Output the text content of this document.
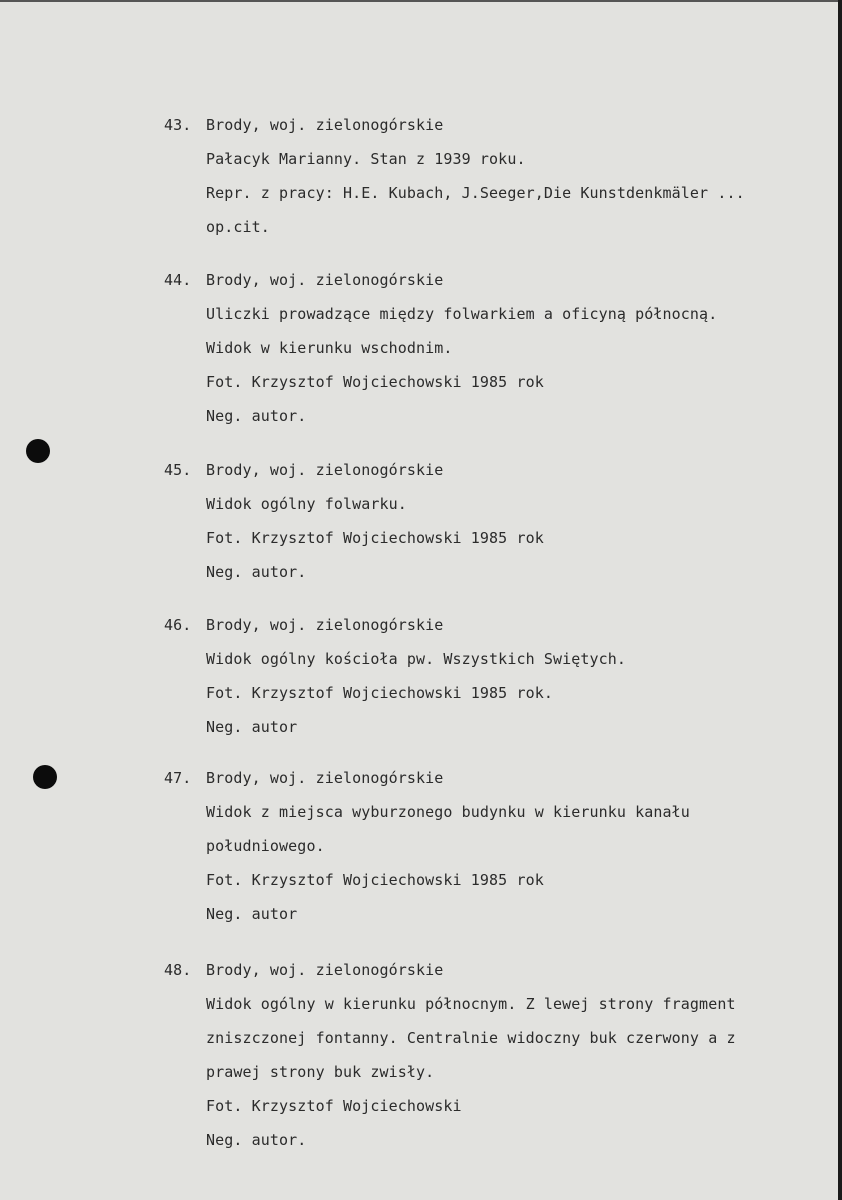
43. Brody, woj. zielonogórskie
Pałacyk Marianny. Stan z 1939 roku.
Repr. z pracy: H.E. Kubach, J.Seeger,Die Kunstdenkmäler ...
op.cit.
44. Brody, woj. zielonogórskie
Uliczki prowadzące między folwarkiem a oficyną północną.
Widok w kierunku wschodnim.
Fot. Krzysztof Wojciechowski 1985 rok
Neg. autor.
45. Brody, woj. zielonogórskie
Widok ogólny folwarku.
Fot. Krzysztof Wojciechowski 1985 rok
Neg. autor.
46. Brody, woj. zielonogórskie
Widok ogólny kościoła pw. Wszystkich Swiętych.
Fot. Krzysztof Wojciechowski 1985 rok.
Neg. autor
47. Brody, woj. zielonogórskie
Widok z miejsca wyburzonego budynku w kierunku kanału
południowego.
Fot. Krzysztof Wojciechowski 1985 rok
Neg. autor
48. Brody, woj. zielonogórskie
Widok ogólny w kierunku północnym. Z lewej strony fragment
zniszczonej fontanny. Centralnie widoczny buk czerwony a z
prawej strony buk zwisły.
Fot. Krzysztof Wojciechowski
Neg. autor.
